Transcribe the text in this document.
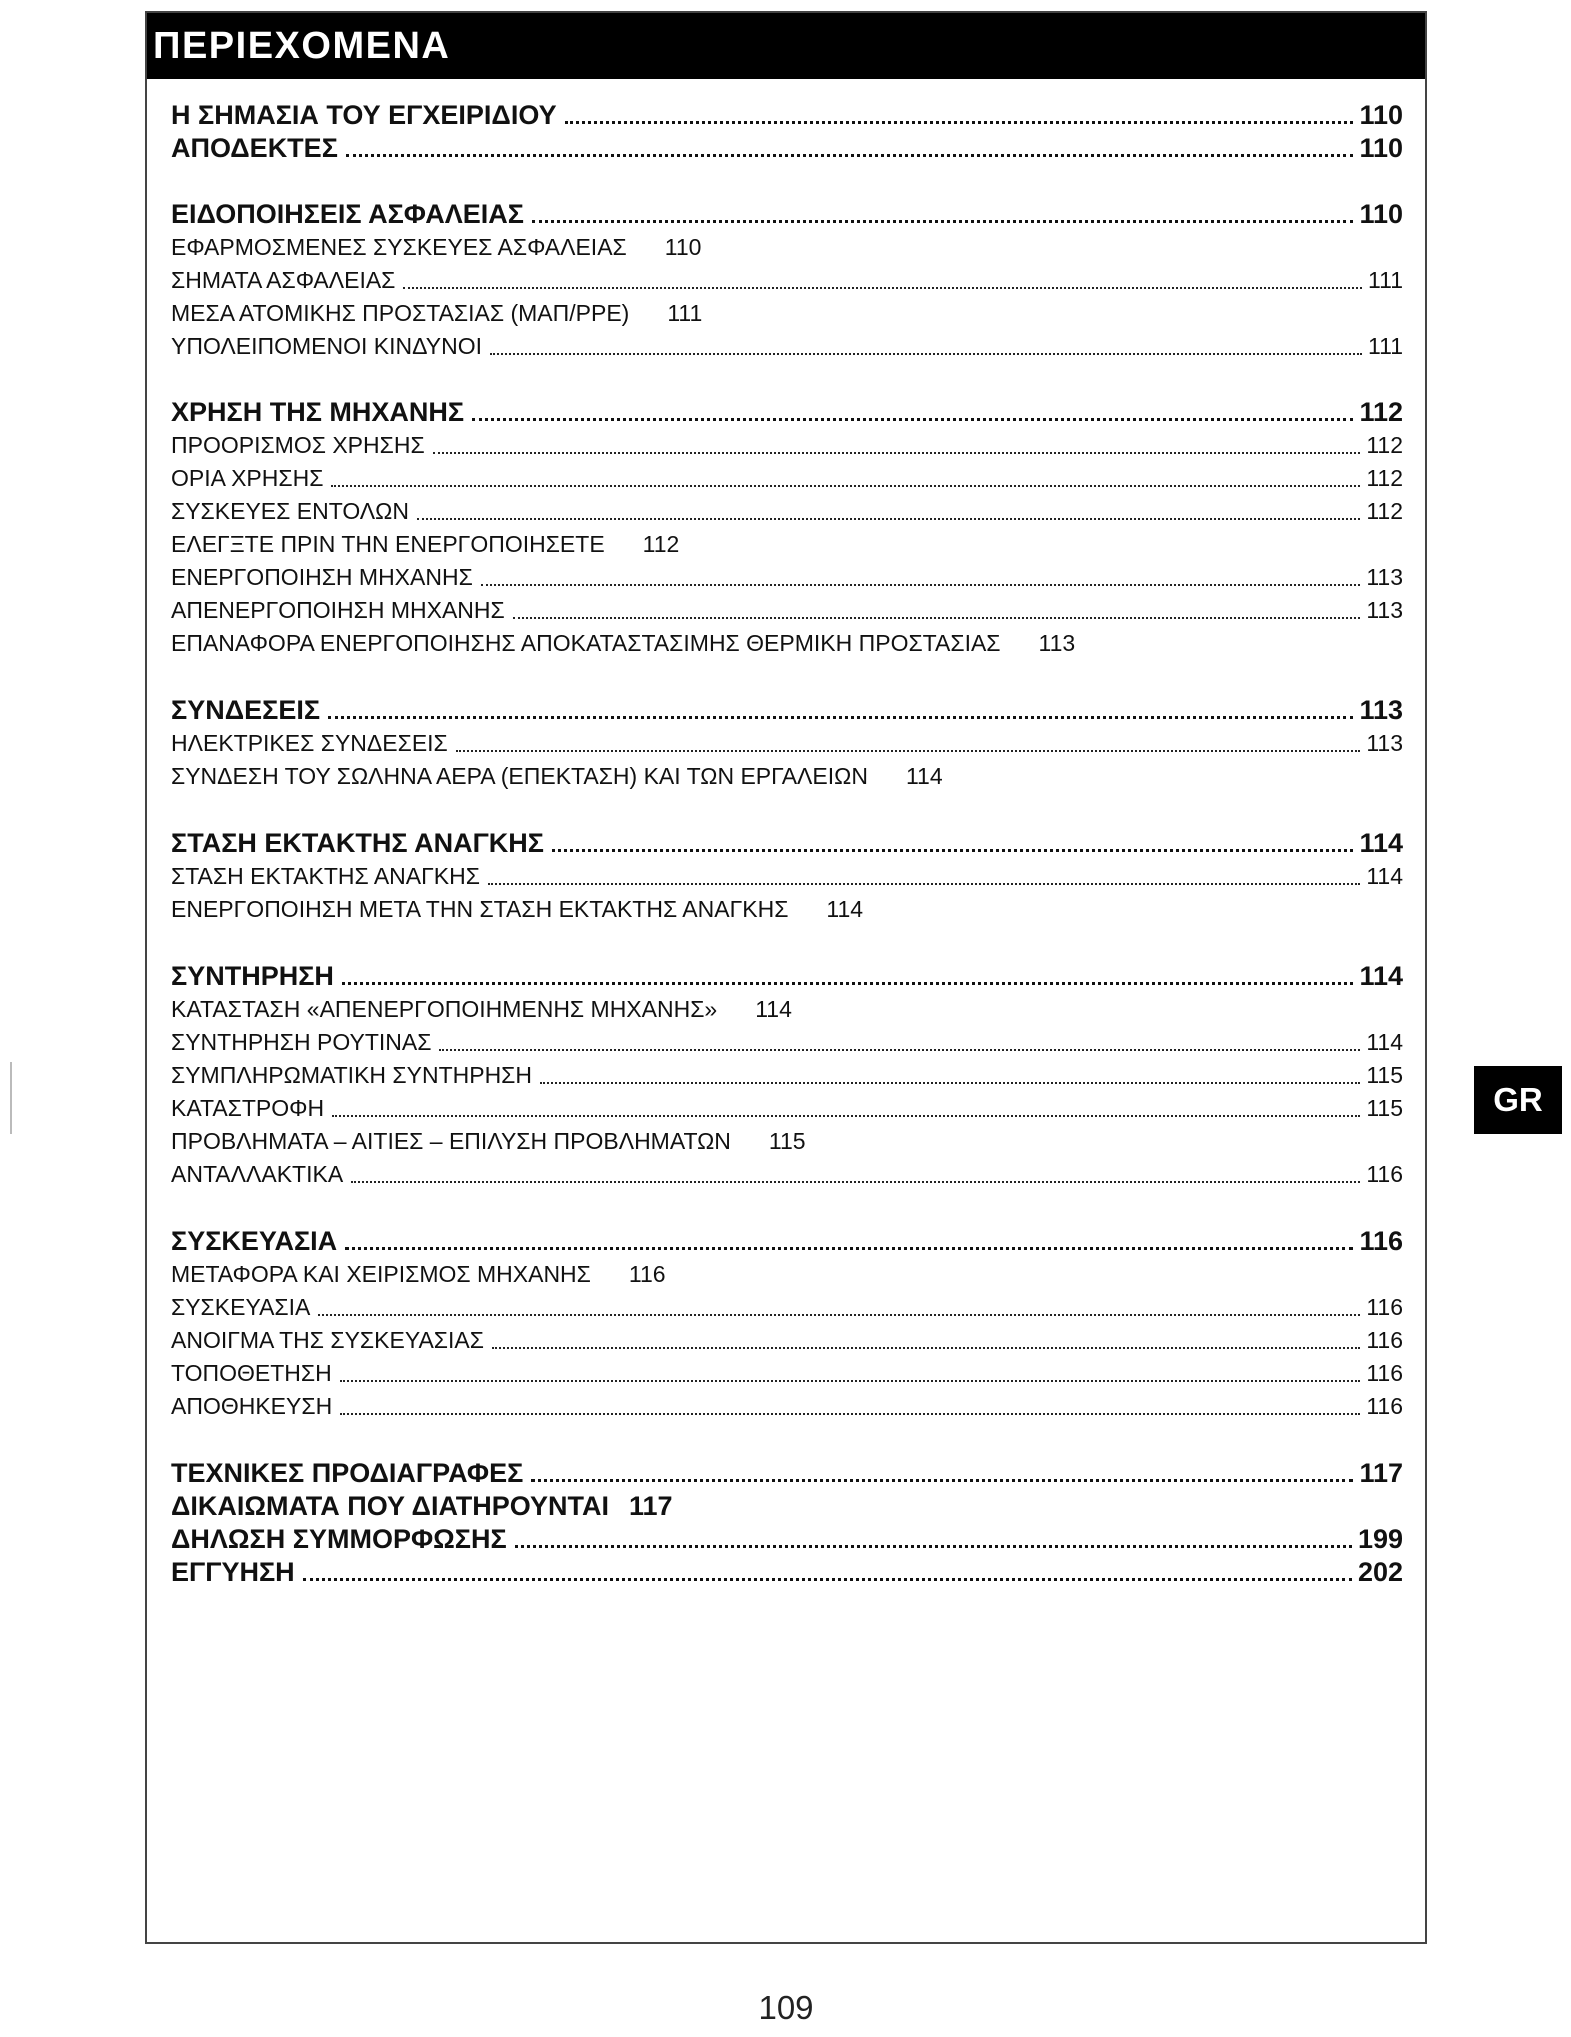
ΠΕΡΙΕΧΟΜΕΝΑ
Η ΣΗΜΑΣΙΑ ΤΟΥ ΕΓΧΕΙΡΙΔΙΟΥ	110
ΑΠΟΔΕΚΤΕΣ	110
ΕΙΔΟΠΟΙΗΣΕΙΣ ΑΣΦΑΛΕΙΑΣ	110
ΕΦΑΡΜΟΣΜΕΝΕΣ ΣΥΣΚΕΥΕΣ ΑΣΦΑΛΕΙΑΣ 110
ΣΗΜΑΤΑ ΑΣΦΑΛΕΙΑΣ	111
ΜΕΣΑ ΑΤΟΜΙΚΗΣ ΠΡΟΣΤΑΣΙΑΣ (ΜΑΠ/PPE) 111
ΥΠΟΛΕΙΠΟΜΕΝΟΙ ΚΙΝΔΥΝΟΙ	111
ΧΡΗΣΗ ΤΗΣ ΜΗΧΑΝΗΣ	112
ΠΡΟΟΡΙΣΜΟΣ ΧΡΗΣΗΣ	112
ΟΡΙΑ ΧΡΗΣΗΣ	112
ΣΥΣΚΕΥΕΣ ΕΝΤΟΛΩΝ	112
ΕΛΕΓΞΤΕ ΠΡΙΝ ΤΗΝ ΕΝΕΡΓΟΠΟΙΗΣΕΤΕ 112
ΕΝΕΡΓΟΠΟΙΗΣΗ ΜΗΧΑΝΗΣ	113
ΑΠΕΝΕΡΓΟΠΟΙΗΣΗ ΜΗΧΑΝΗΣ	113
ΕΠΑΝΑΦΟΡΑ ΕΝΕΡΓΟΠΟΙΗΣΗΣ ΑΠΟΚΑΤΑΣΤΑΣΙΜΗΣ ΘΕΡΜΙΚΗ ΠΡΟΣΤΑΣΙΑΣ 113
ΣΥΝΔΕΣΕΙΣ	113
ΗΛΕΚΤΡΙΚΕΣ ΣΥΝΔΕΣΕΙΣ	113
ΣΥΝΔΕΣΗ ΤΟΥ ΣΩΛΗΝΑ ΑΕΡΑ (ΕΠΕΚΤΑΣΗ) ΚΑΙ ΤΩΝ ΕΡΓΑΛΕΙΩΝ 114
ΣΤΑΣΗ ΕΚΤΑΚΤΗΣ ΑΝΑΓΚΗΣ	114
ΣΤΑΣΗ ΕΚΤΑΚΤΗΣ ΑΝΑΓΚΗΣ	114
ΕΝΕΡΓΟΠΟΙΗΣΗ ΜΕΤΑ ΤΗΝ ΣΤΑΣΗ ΕΚΤΑΚΤΗΣ ΑΝΑΓΚΗΣ 114
ΣΥΝΤΗΡΗΣΗ	114
ΚΑΤΑΣΤΑΣΗ «ΑΠΕΝΕΡΓΟΠΟΙΗΜΕΝΗΣ ΜΗΧΑΝΗΣ» 114
ΣΥΝΤΗΡΗΣΗ ΡΟΥΤΙΝΑΣ	114
ΣΥΜΠΛΗΡΩΜΑΤΙΚΗ ΣΥΝΤΗΡΗΣΗ	115
ΚΑΤΑΣΤΡΟΦΗ	115
ΠΡΟΒΛΗΜΑΤΑ – ΑΙΤΙΕΣ – ΕΠΙΛΥΣΗ ΠΡΟΒΛΗΜΑΤΩΝ 115
ΑΝΤΑΛΛΑΚΤΙΚΑ	116
ΣΥΣΚΕΥΑΣΙΑ	116
ΜΕΤΑΦΟΡΑ ΚΑΙ ΧΕΙΡΙΣΜΟΣ ΜΗΧΑΝΗΣ 116
ΣΥΣΚΕΥΑΣΙΑ	116
ΑΝΟΙΓΜΑ ΤΗΣ ΣΥΣΚΕΥΑΣΙΑΣ	116
ΤΟΠΟΘΕΤΗΣΗ	116
ΑΠΟΘΗΚΕΥΣΗ	116
ΤΕΧΝΙΚΕΣ ΠΡΟΔΙΑΓΡΑΦΕΣ	117
ΔΙΚΑΙΩΜΑΤΑ ΠΟΥ ΔΙΑΤΗΡΟΥΝΤΑΙ 117
ΔΗΛΩΣΗ ΣΥΜΜΟΡΦΩΣΗΣ	199
ΕΓΓΥΗΣΗ	202
GR
109
